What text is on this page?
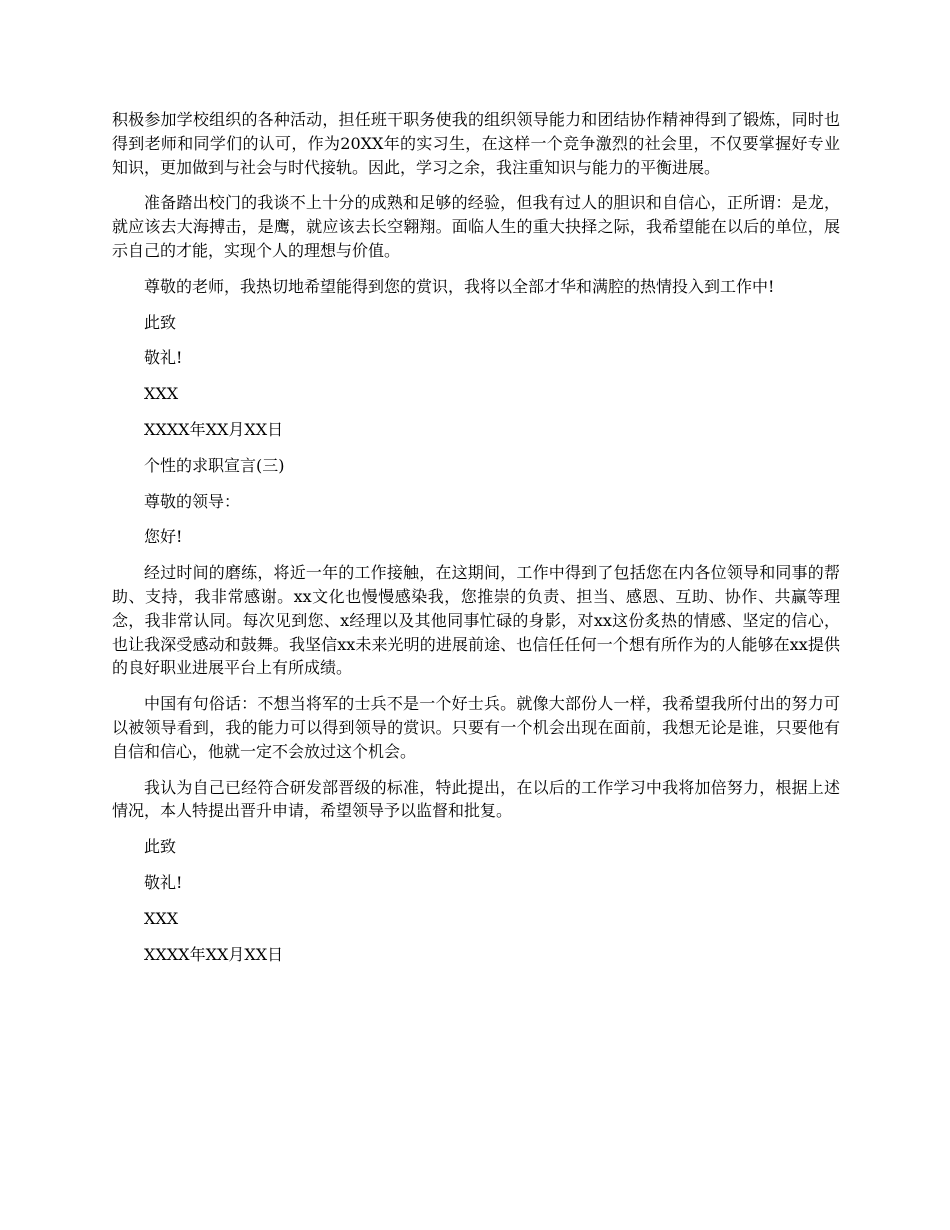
积极参加学校组织的各种活动，担任班干职务使我的组织领导能力和团结协作精神得到了锻炼，同时也得到老师和同学们的认可，作为20XX年的实习生，在这样一个竞争激烈的社会里，不仅要掌握好专业知识，更加做到与社会与时代接轨。因此，学习之余，我注重知识与能力的平衡进展。

准备踏出校门的我谈不上十分的成熟和足够的经验，但我有过人的胆识和自信心，正所谓：是龙，就应该去大海搏击，是鹰，就应该去长空翱翔。面临人生的重大抉择之际，我希望能在以后的单位，展示自己的才能，实现个人的理想与价值。

尊敬的老师，我热切地希望能得到您的赏识，我将以全部才华和满腔的热情投入到工作中!

此致

敬礼!

XXX

XXXX年XX月XX日

个性的求职宣言(三)

尊敬的领导：

您好!

经过时间的磨练，将近一年的工作接触，在这期间，工作中得到了包括您在内各位领导和同事的帮助、支持，我非常感谢。xx文化也慢慢感染我，您推崇的负责、担当、感恩、互助、协作、共赢等理念，我非常认同。每次见到您、x经理以及其他同事忙碌的身影，对xx这份炙热的情感、坚定的信心，也让我深受感动和鼓舞。我坚信xx未来光明的进展前途、也信任任何一个想有所作为的人能够在xx提供的良好职业进展平台上有所成绩。

中国有句俗话：不想当将军的士兵不是一个好士兵。就像大部份人一样，我希望我所付出的努力可以被领导看到，我的能力可以得到领导的赏识。只要有一个机会出现在面前，我想无论是谁，只要他有自信和信心，他就一定不会放过这个机会。

我认为自己已经符合研发部晋级的标准，特此提出，在以后的工作学习中我将加倍努力，根据上述情况，本人特提出晋升申请，希望领导予以监督和批复。

此致

敬礼!

XXX

XXXX年XX月XX日
